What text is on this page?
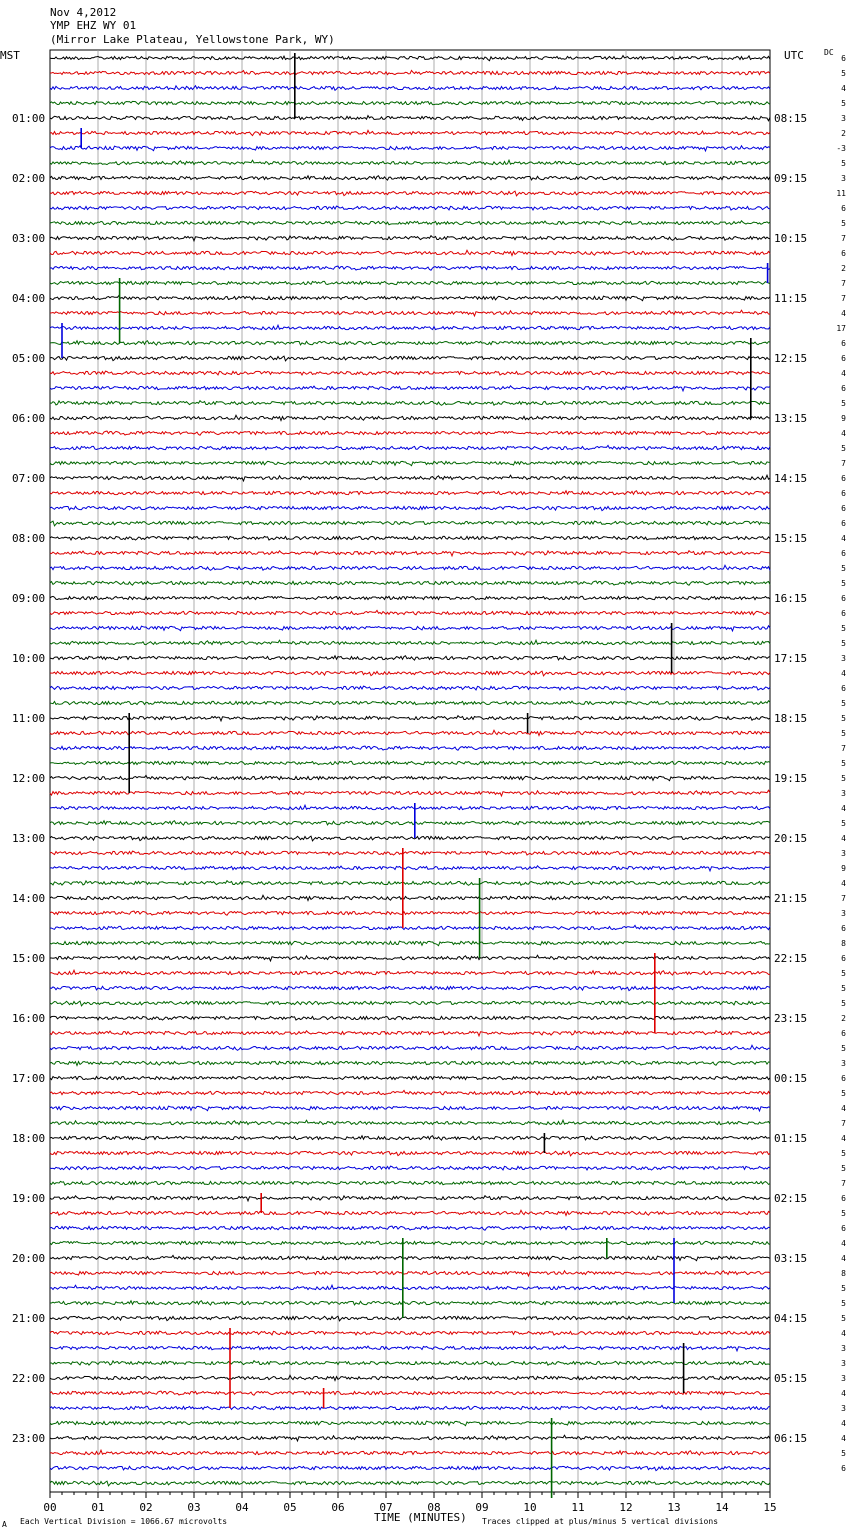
Nov 4,2012
YMP EHZ WY 01
(Mirror Lake Plateau, Yellowstone Park, WY)
MST	UTC	DC
00	01	02	03	04	05	06	07	08	09	10	11	12	13	14	15
01:00	08:15
02:00	09:15
03:00	10:15
04:00	11:15
05:00	12:15
06:00	13:15
07:00	14:15
08:00	15:15
09:00	16:15
10:00	17:15
11:00	18:15
12:00	19:15
13:00	20:15
14:00	21:15
15:00	22:15
16:00	23:15
17:00	00:15
18:00	01:15
19:00	02:15
20:00	03:15
21:00	04:15
22:00	05:15
23:00	06:15
6
5
4
5
3
2
-3
5
3
11
6
5
7
6
2
7
7
4
17
6
6
4
6
5
9
4
5
7
6
6
6
6
4
6
5
5
6
6
5
5
3
4
6
5
5
5
7
5
5
3
4
5
4
3
9
4
7
3
6
8
6
5
5
5
2
6
5
3
6
5
4
7
4
5
5
7
6
5
6
4
4
8
5
5
5
4
3
3
3
4
3
4
4
5
6
TIME (MINUTES)
Each Vertical Division = 1066.67 microvolts	Traces clipped at plus/minus 5 vertical divisions
A
